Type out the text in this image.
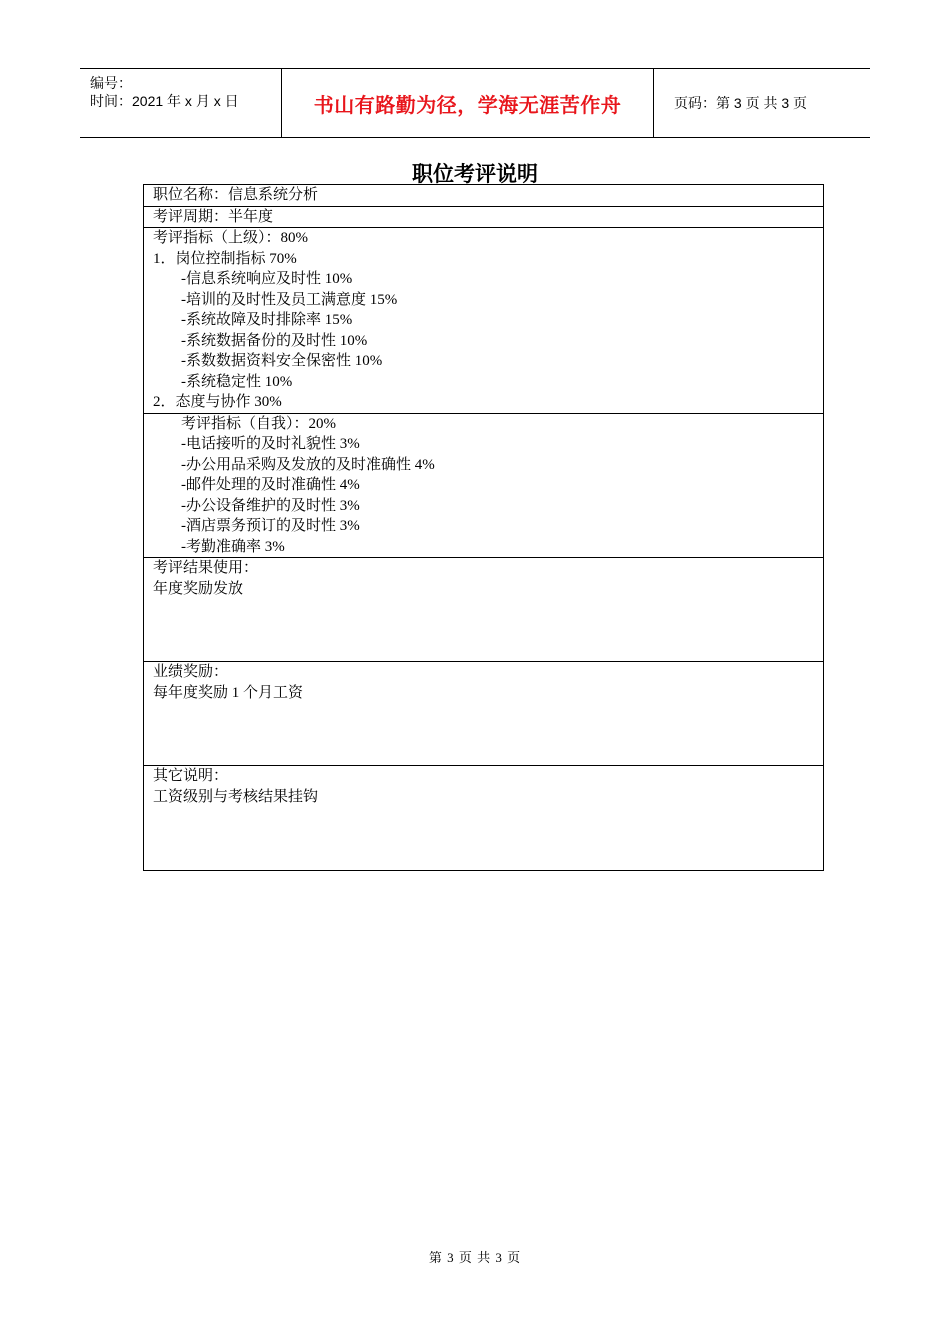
编号：
时间：2021 年 x 月 x 日	书山有路勤为径，学海无涯苦作舟	页码：第 3 页 共 3 页
职位考评说明
职位名称：信息系统分析
考评周期：半年度
考评指标（上级）：80%
1．岗位控制指标 70%
-信息系统响应及时性 10%
-培训的及时性及员工满意度 15%
-系统故障及时排除率 15%
-系统数据备份的及时性 10%
-系数数据资料安全保密性 10%
-系统稳定性 10%
2．态度与协作 30%
考评指标（自我）：20%
-电话接听的及时礼貌性 3%
-办公用品采购及发放的及时准确性 4%
-邮件处理的及时准确性 4%
-办公设备维护的及时性 3%
-酒店票务预订的及时性 3%
-考勤准确率 3%
考评结果使用：
年度奖励发放
业绩奖励：
每年度奖励 1 个月工资
其它说明：
工资级别与考核结果挂钩
第 3 页 共 3 页
